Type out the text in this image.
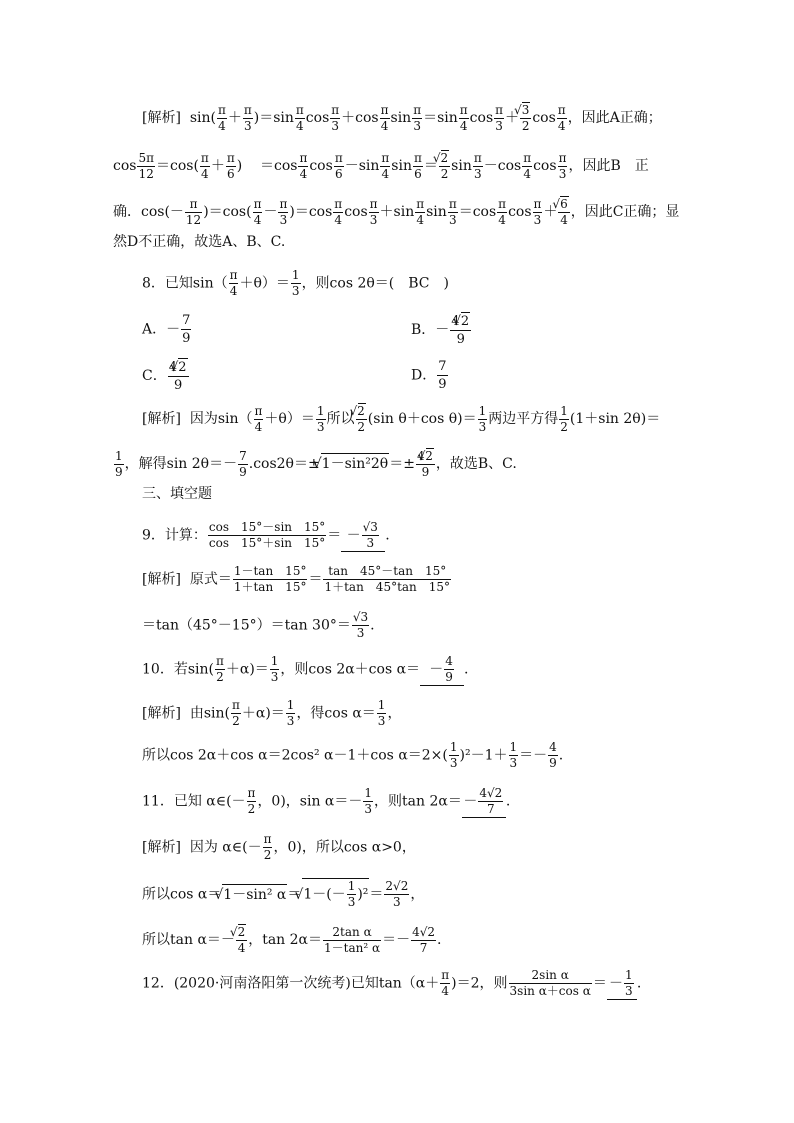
[解析] $\sin( \frac{\pi}{4} + \frac{\pi}{3} )=\sin \frac{\pi}{4}$ $\cos \frac{\pi}{3} +\cos \frac{\pi}{4}$ $\sin \frac{\pi}{3} =\sin \frac{\pi}{4}$ $\cos \frac{\pi}{3}$ ＋
√ $\frac{3}{2}$ $\cos \frac{\pi}{4}$ ，因此A正确；
$\cos \frac{5\pi}{12} =\cos( \frac{\pi}{4} + \frac{\pi}{6}$ ) $=\cos \frac{\pi}{4}$ $\cos \frac{\pi}{6} -\sin \frac{\pi}{4}$ $\sin \frac{\pi}{6}$ ＝
√ $\frac{2}{2}$ $\sin \frac{\pi}{3} -\cos \frac{\pi}{4}$ $\cos \frac{\pi}{3}$ ，因此B　正
确．$\cos(- \frac{\pi}{12} )=\cos( \frac{\pi}{4} - \frac{\pi}{3} )=\cos \frac{\pi}{4}$ $\cos \frac{\pi}{3} +\sin \frac{\pi}{4}$ $\sin \frac{\pi}{3} =\cos \frac{\pi}{4}$ $\cos \frac{\pi}{3}$ ＋
√ $\frac{6}{4}$ ，因此C正确；显
然D不正确，故选A、B、C.
8．已知$\sin( \frac{\pi}{4} +\theta)= \frac{1}{3}$ ，则cos 2θ＝(　BC　)
A．－ $\frac{7}{9}$	B．－ $\frac{4√ 2}{9}$
C． $\frac{4√ 2}{9}$	D． $\frac{7}{9}$
[解析] 因为$\sin( \frac{\pi}{4} +\theta)= \frac{1}{3}$ 所以
√ $\frac{2}{2} (\sin$ θ＋cos $\theta)= \frac{1}{3}$ 两边平方得 $\frac{1}{2} (1+\sin$ 2θ)＝
$\frac{1}{9}$ ，解得$\sin 2\theta=- \frac{7}{9} .\cos 2\theta=\pm√$ $1-\sin^22\theta=\pm \frac{4√ 2}{9}$ ，故选B、C.
三、填空题
9．计算： $\frac{\cos 15^\circ-\sin 15^\circ}{\cos 15^\circ+\sin 15^\circ}$ ＝ － $\frac{√3}{3}$ .
[解析] 原式＝ $\frac{1-\tan 15^\circ}{1+\tan 15^\circ} = \frac{\tan 45^\circ-\tan 15^\circ}{1+\tan 45^\circ\tan 15^\circ}$
＝tan（45°－15°）＝tan $30^\circ= \frac{√3}{3}$ .
10．若$\sin( \frac{\pi}{2} +\alpha)= \frac{1}{3}$ ，则cos 2α＋cos $\alpha= - \frac{4}{9}$ .
[解析] 由$\sin( \frac{\pi}{2} +\alpha)= \frac{1}{3}$ ，得$\cos \alpha= \frac{1}{3}$ ，
所以cos 2α＋cos α＝2cos² α－1＋cos $\alpha=2\times( \frac{1}{3} )^2-1+ \frac{1}{3} =- \frac{4}{9}$ .
11．已知 α∈(－ $\frac{\pi}{2}$ ，0)，$\sin \alpha=- \frac{1}{3}$ ，则$\tan 2\alpha= - \frac{4√2}{7}$ .
[解析] 因为 α∈(－ $\frac{\pi}{2}$ ，0)，所以cos α>0，
所以cos α＝√ 1－sin² α＝√ $1-(- \frac{1}{3} )^2= \frac{2√2}{3}$ ，
所以tan α＝－
√ $\frac{2}{4}$ ，$\tan 2\alpha= \frac{\text{2tan α}}{\text{1－tan² α}} =- \frac{4√2}{7}$ .
12．(2020·河南洛阳第一次统考)已知$\tan(\alpha+ \frac{\pi}{4} )=2$，则 $\frac{\text{2sin α}}{\text{3sin α＋cos α}}$ ＝ － $\frac{1}{3}$ .
